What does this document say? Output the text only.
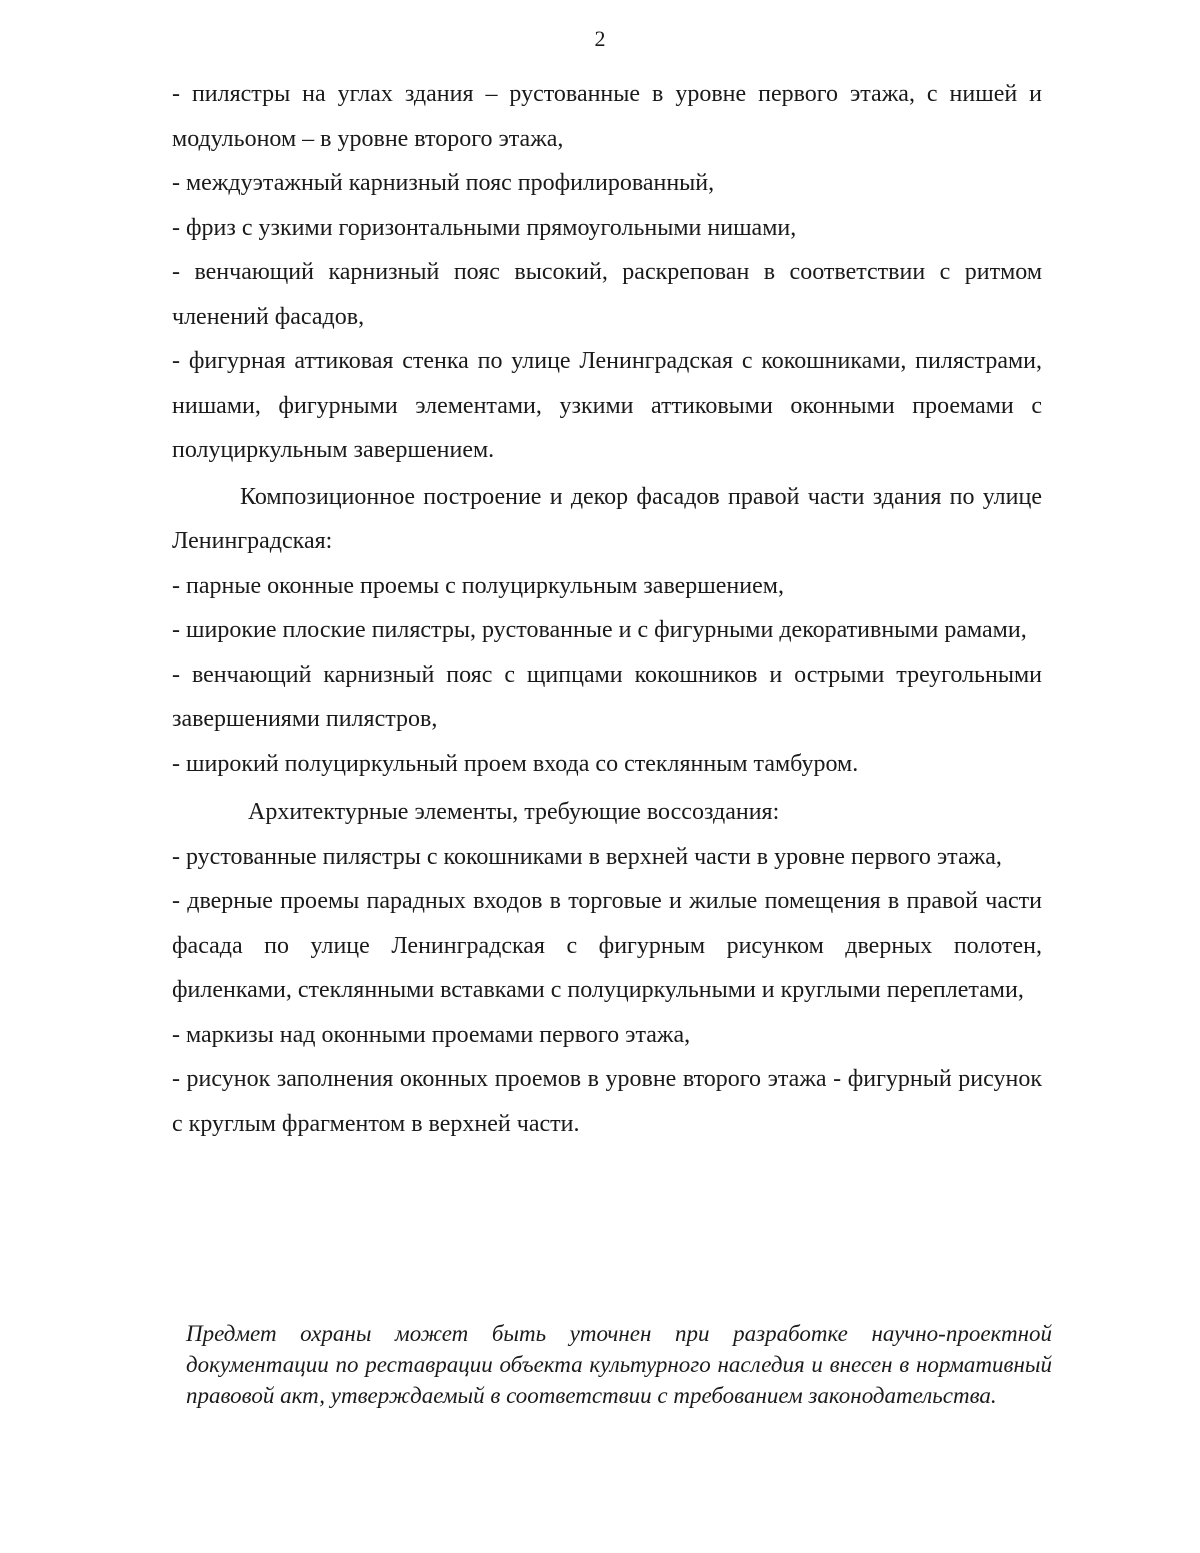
2

- пилястры на углах здания – рустованные в уровне первого этажа, с нишей и модульоном – в уровне второго этажа,

- междуэтажный карнизный пояс профилированный,

- фриз с узкими горизонтальными прямоугольными нишами,

- венчающий карнизный пояс высокий, раскрепован в соответствии с ритмом членений фасадов,

- фигурная аттиковая стенка по улице Ленинградская с кокошниками, пилястрами, нишами, фигурными элементами, узкими аттиковыми оконными проемами с полуциркульным завершением.

Композиционное построение и декор фасадов правой части здания по улице Ленинградская:

- парные оконные проемы с полуциркульным завершением,

- широкие плоские пилястры, рустованные и с фигурными декоративными рамами,

- венчающий карнизный пояс с щипцами кокошников и острыми треугольными завершениями пилястров,

- широкий полуциркульный проем входа со стеклянным тамбуром.

Архитектурные элементы, требующие воссоздания:

- рустованные пилястры с кокошниками в верхней части в уровне первого этажа,

- дверные проемы парадных входов в торговые и жилые помещения в правой части фасада по улице Ленинградская с фигурным рисунком дверных полотен, филенками, стеклянными вставками с полуциркульными и круглыми переплетами,

- маркизы над оконными проемами первого этажа,

- рисунок заполнения оконных проемов в уровне второго этажа - фигурный рисунок с круглым фрагментом в верхней части.

Предмет охраны может быть уточнен при разработке научно-проектной документации по реставрации объекта культурного наследия и внесен в нормативный правовой акт, утверждаемый в соответствии с требованием законодательства.
